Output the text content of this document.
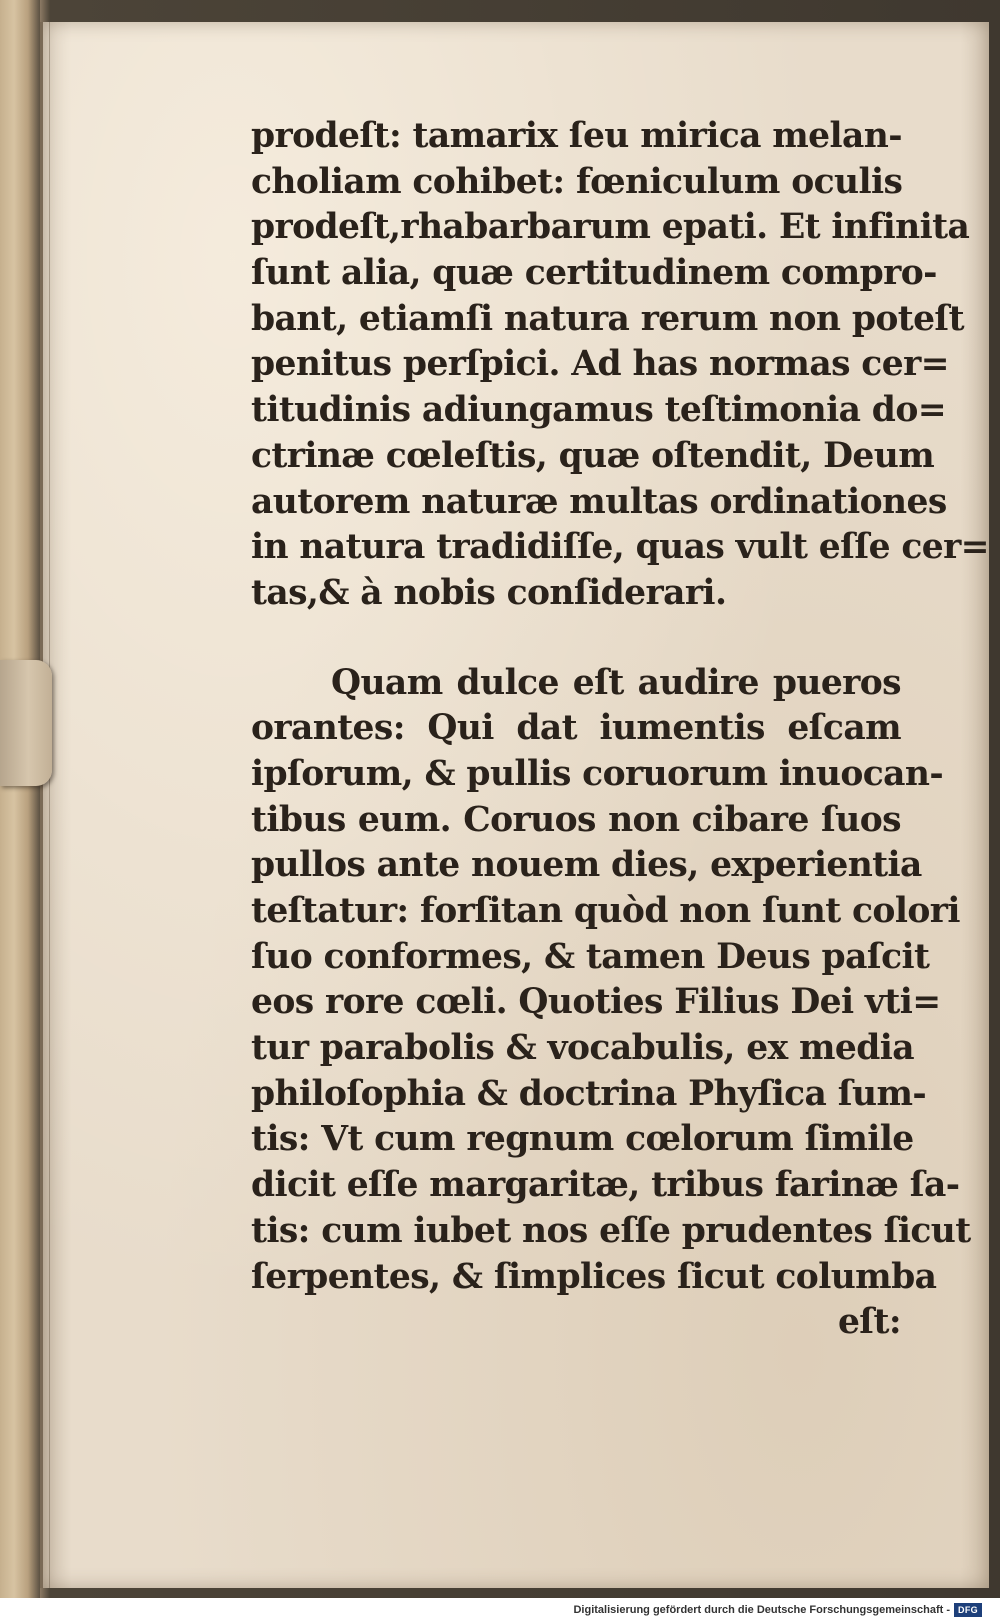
prodeſt: tamarix ſeu mirica melan-
choliam cohibet: fœniculum oculis
prodeſt,rhabarbarum epati. Et infinita
ſunt alia, quæ certitudinem compro-
bant, etiamſi natura rerum non poteſt
penitus perſpici. Ad has normas cer=
titudinis adiungamus teſtimonia do=
ctrinæ cœleſtis, quæ oſtendit, Deum
autorem naturæ multas ordinationes
in natura tradidiſſe, quas vult eſſe cer=
tas,& à nobis conſiderari.
Quam dulce eſt audire pueros
orantes: Qui dat iumentis eſcam
ipſorum, & pullis coruorum inuocan-
tibus eum. Coruos non cibare ſuos
pullos ante nouem dies, experientia
teſtatur: forſitan quòd non ſunt colori
ſuo conformes, & tamen Deus paſcit
eos rore cœli. Quoties Filius Dei vti=
tur parabolis & vocabulis, ex media
philoſophia & doctrina Phyſica ſum-
tis: Vt cum regnum cœlorum ſimile
dicit eſſe margaritæ, tribus farinæ ſa-
tis: cum iubet nos eſſe prudentes ſicut
ſerpentes, & ſimplices ſicut columba
eſt:
Digitalisierung gefördert durch die Deutsche Forschungsgemeinschaft - DFG
